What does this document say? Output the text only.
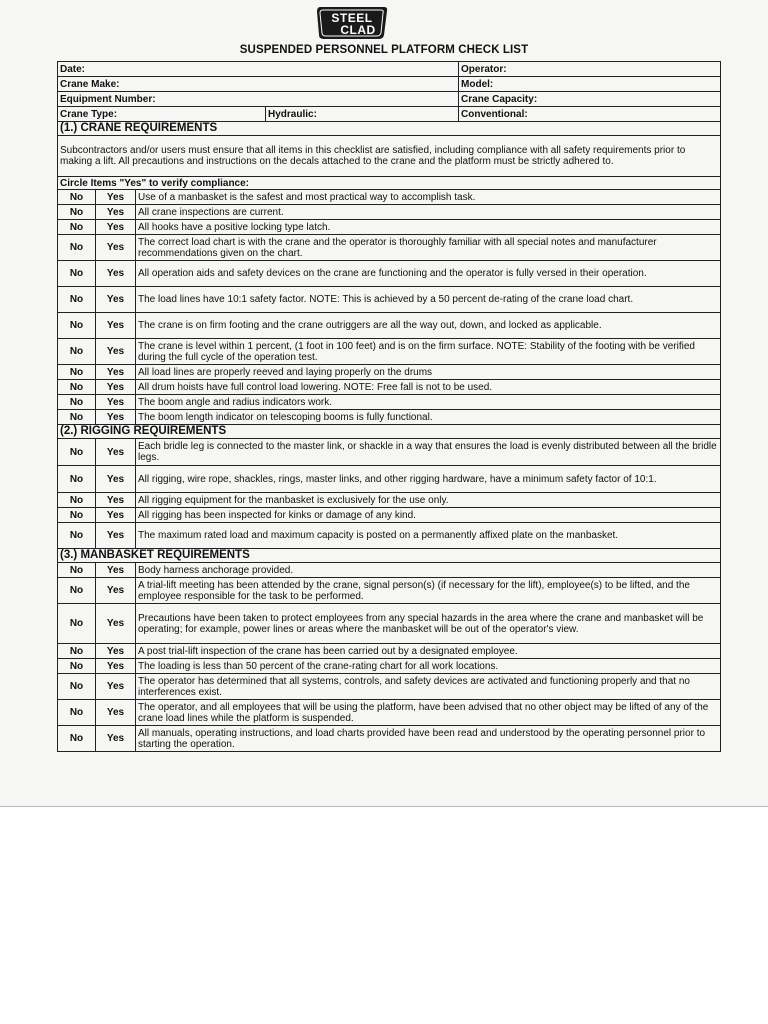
STEEL
CLAD
SUSPENDED PERSONNEL PLATFORM CHECK LIST
Date:				Operator:
Crane Make:				Model:
Equipment Number:				Crane Capacity:
Crane Type:			Hydraulic:	Conventional:
(1.) CRANE REQUIREMENTS				
Subcontractors and/or users must ensure that all items in this checklist are satisfied, including compliance with all safety requirements prior to making a lift. All precautions and instructions on the decals attached to the crane and the platform must be strictly adhered to.				
Circle Items "Yes" to verify compliance:				
No	Yes	Use of a manbasket is the safest and most practical way to accomplish task.		
No	Yes	All crane inspections are current.		
No	Yes	All hooks have a positive locking type latch.		
No	Yes	The correct load chart is with the crane and the operator is thoroughly familiar with all special notes and manufacturer recommendations given on the chart.		
No	Yes	All operation aids and safety devices on the crane are functioning and the operator is fully versed in their operation.		
No	Yes	The load lines have 10:1 safety factor. NOTE: This is achieved by a 50 percent de-rating of the crane load chart.		
No	Yes	The crane is on firm footing and the crane outriggers are all the way out, down, and locked as applicable.		
No	Yes	The crane is level within 1 percent, (1 foot in 100 feet) and is on the firm surface. NOTE: Stability of the footing with be verified during the full cycle of the operation test.		
No	Yes	All load lines are properly reeved and laying properly on the drums		
No	Yes	All drum hoists have full control load lowering. NOTE: Free fall is not to be used.		
No	Yes	The boom angle and radius indicators work.		
No	Yes	The boom length indicator on telescoping booms is fully functional.		
(2.) RIGGING REQUIREMENTS				
No	Yes	Each bridle leg is connected to the master link, or shackle in a way that ensures the load is evenly distributed between all the bridle legs.		
No	Yes	All rigging, wire rope, shackles, rings, master links, and other rigging hardware, have a minimum safety factor of 10:1.		
No	Yes	All rigging equipment for the manbasket is exclusively for the use only.		
No	Yes	All rigging has been inspected for kinks or damage of any kind.		
No	Yes	The maximum rated load and maximum capacity is posted on a permanently affixed plate on the manbasket.		
(3.) MANBASKET REQUIREMENTS				
No	Yes	Body harness anchorage provided.		
No	Yes	A trial-lift meeting has been attended by the crane, signal person(s) (if necessary for the lift), employee(s) to be lifted, and the employee responsible for the task to be performed.		
No	Yes	Precautions have been taken to protect employees from any special hazards in the area where the crane and manbasket will be operating; for example, power lines or areas where the manbasket will be out of the operator's view.		
No	Yes	A post trial-lift inspection of the crane has been carried out by a designated employee.		
No	Yes	The loading is less than 50 percent of the crane-rating chart for all work locations.		
No	Yes	The operator has determined that all systems, controls, and safety devices are activated and functioning properly and that no interferences exist.		
No	Yes	The operator, and all employees that will be using the platform, have been advised that no other object may be lifted of any of the crane load lines while the platform is suspended.		
No	Yes	All manuals, operating instructions, and load charts provided have been read and understood by the operating personnel prior to starting the operation.		
